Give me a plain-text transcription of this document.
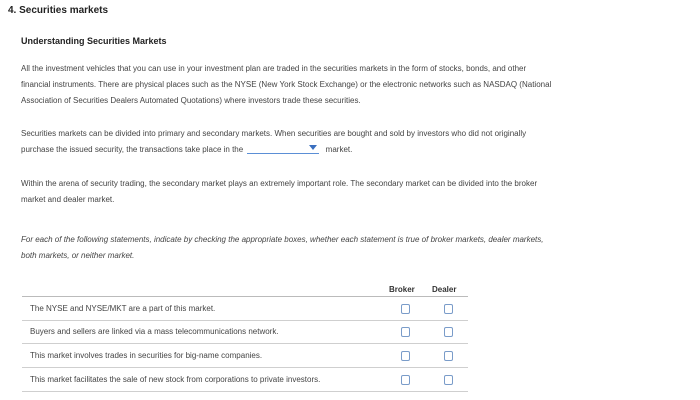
4. Securities markets
Understanding Securities Markets
All the investment vehicles that you can use in your investment plan are traded in the securities markets in the form of stocks, bonds, and other
financial instruments. There are physical places such as the NYSE (New York Stock Exchange) or the electronic networks such as NASDAQ (National
Association of Securities Dealers Automated Quotations) where investors trade these securities.
Securities markets can be divided into primary and secondary markets. When securities are bought and sold by investors who did not originally
purchase the issued security, the transactions take place in the	market.
Within the arena of security trading, the secondary market plays an extremely important role. The secondary market can be divided into the broker
market and dealer market.
For each of the following statements, indicate by checking the appropriate boxes, whether each statement is true of broker markets, dealer markets,
both markets, or neither market.
Broker Dealer
The NYSE and NYSE/MKT are a part of this market.
Buyers and sellers are linked via a mass telecommunications network.
This market involves trades in securities for big-name companies.
This market facilitates the sale of new stock from corporations to private investors.
